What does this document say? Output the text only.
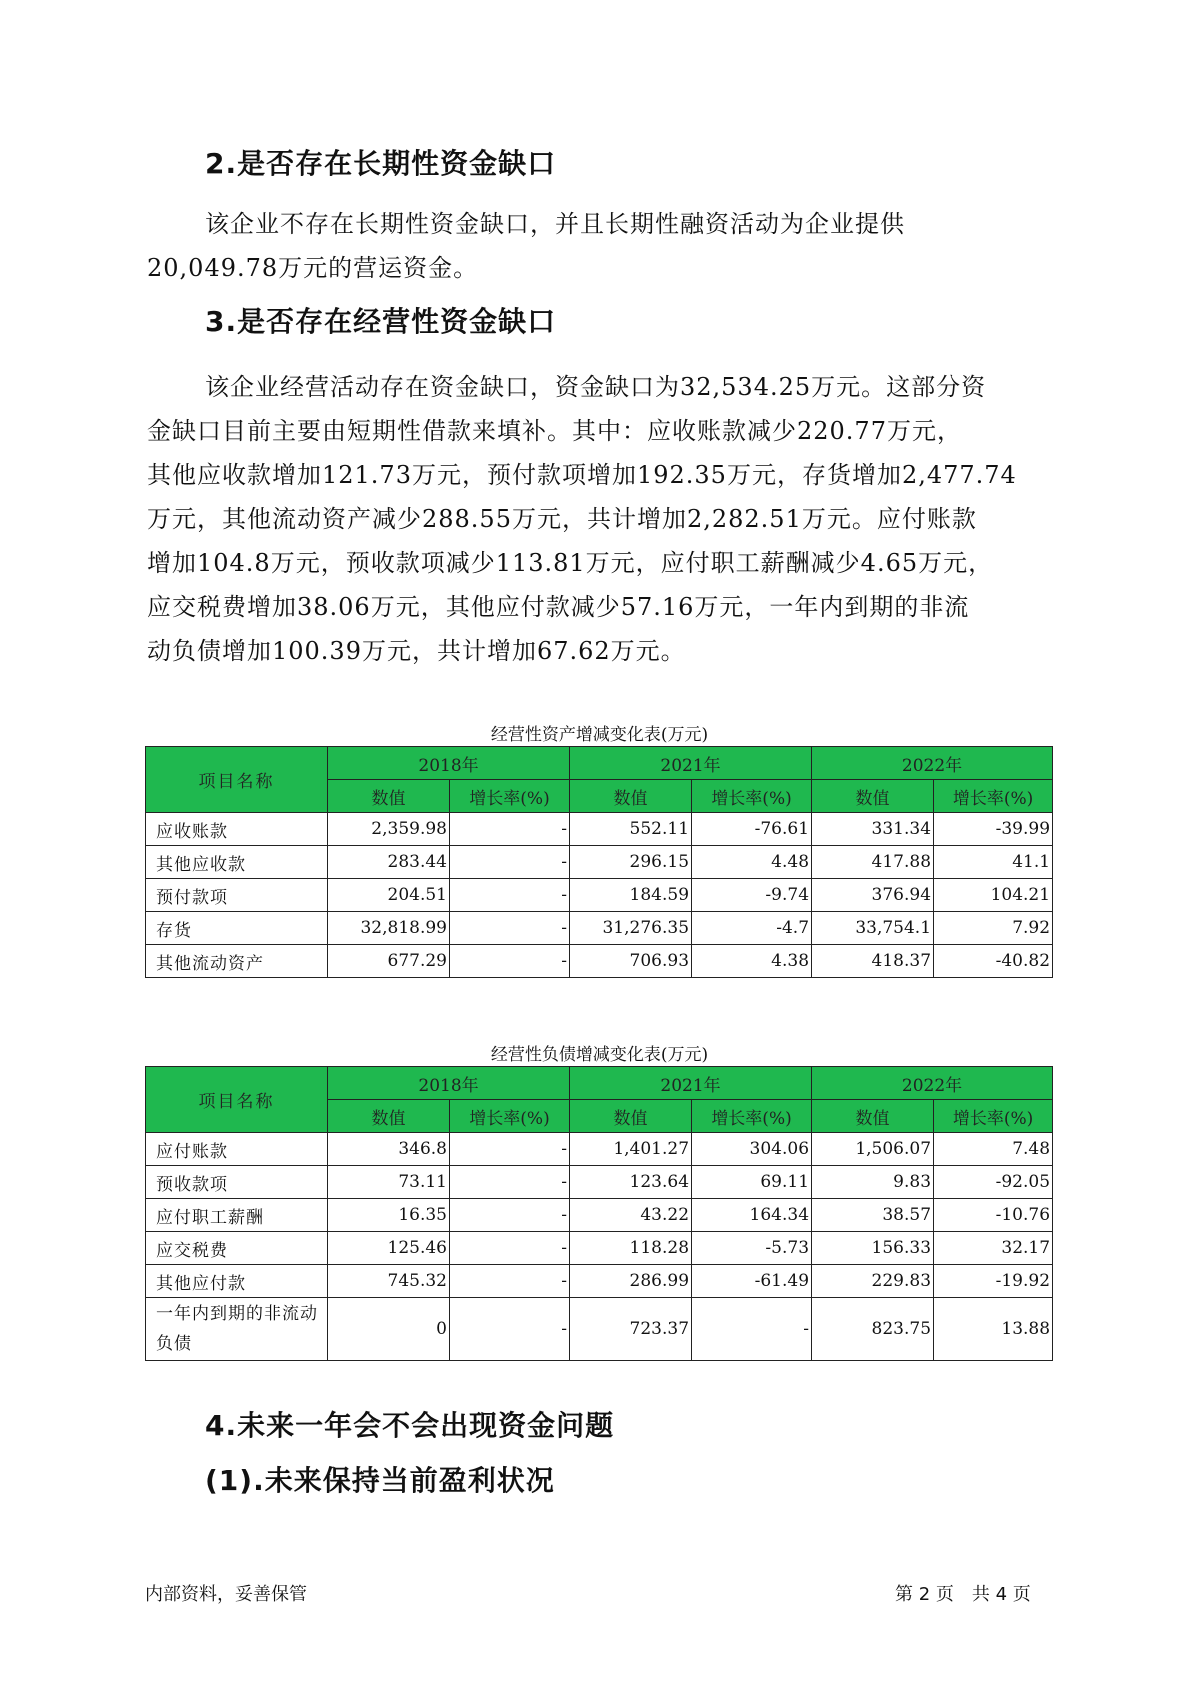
2.是否存在长期性资金缺口

该企业不存在长期性资金缺口，并且长期性融资活动为企业提供
20,049.78万元的营运资金。

3.是否存在经营性资金缺口

该企业经营活动存在资金缺口，资金缺口为32,534.25万元。这部分资
金缺口目前主要由短期性借款来填补。其中：应收账款减少220.77万元，
其他应收款增加121.73万元，预付款项增加192.35万元，存货增加2,477.74
万元，其他流动资产减少288.55万元，共计增加2,282.51万元。应付账款
增加104.8万元，预收款项减少113.81万元，应付职工薪酬减少4.65万元，
应交税费增加38.06万元，其他应付款减少57.16万元，一年内到期的非流
动负债增加100.39万元，共计增加67.62万元。

经营性资产增减变化表(万元)

项目名称	2018年		2021年		2022年	
	数值	增长率(%)	数值	增长率(%)	数值	增长率(%)
应收账款	2,359.98	-	552.11	-76.61	331.34	-39.99
其他应收款	283.44	-	296.15	4.48	417.88	41.1
预付款项	204.51	-	184.59	-9.74	376.94	104.21
存货	32,818.99	-	31,276.35	-4.7	33,754.1	7.92
其他流动资产	677.29	-	706.93	4.38	418.37	-40.82

经营性负债增减变化表(万元)

项目名称	2018年		2021年		2022年	
	数值	增长率(%)	数值	增长率(%)	数值	增长率(%)
应付账款	346.8	-	1,401.27	304.06	1,506.07	7.48
预收款项	73.11	-	123.64	69.11	9.83	-92.05
应付职工薪酬	16.35	-	43.22	164.34	38.57	-10.76
应交税费	125.46	-	118.28	-5.73	156.33	32.17
其他应付款	745.32	-	286.99	-61.49	229.83	-19.92
一年内到期的非流动负债	0	-	723.37	-	823.75	13.88
4.未来一年会不会出现资金问题
(1).未来保持当前盈利状况

内部资料，妥善保管	第 2 页　共 4 页
